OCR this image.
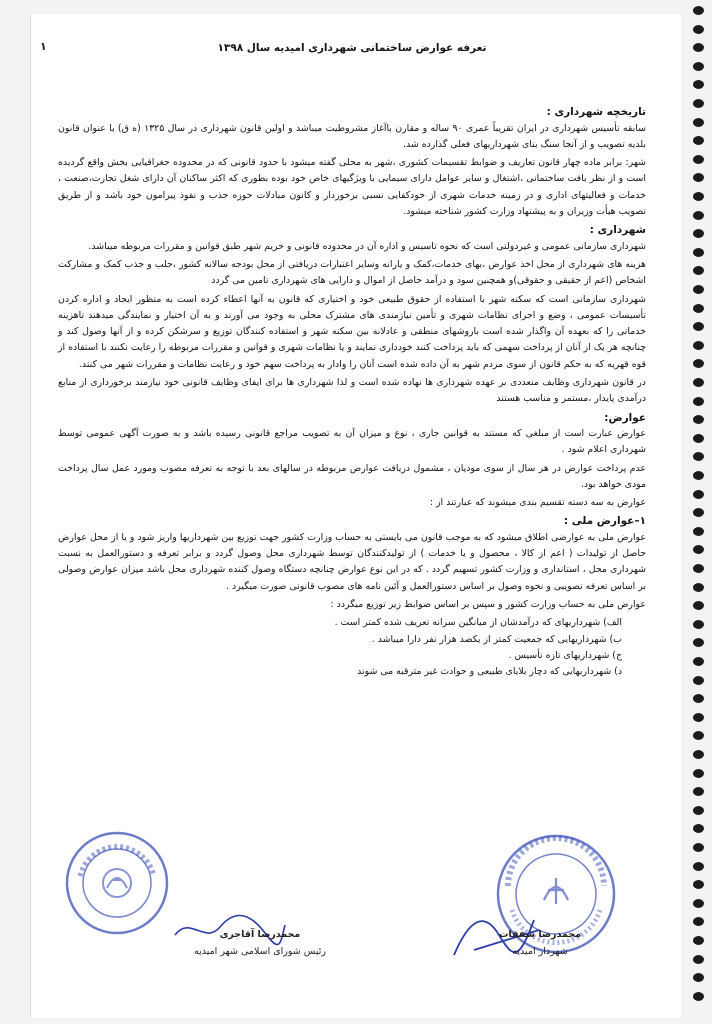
۱	تعرفه عوارض ساختمانی شهرداری امیدیه سال ۱۳۹۸

تاریخچه شهرداری :

سابقه تأسیس شهرداری در ایران تقریباً عمری ۹۰ ساله و مقارن باآغاز مشروطیت میباشد و اولین قانون شهرداری در سال ۱۳۲۵ (ه ق) با عنوان قانون بلدیه تصویب و از آنجا سنگ بنای شهرداریهای فعلی گذارده شد.

شهر: برابر ماده چهار قانون تعاریف و ضوابط تقسیمات کشوری ،شهر به محلی گفته میشود با حدود قانونی که در محدوده جغرافیایی بخش واقع گردیده است و از نظر بافت ساختمانی ،اشتغال و سایر عوامل دارای سیمایی با ویژگیهای خاص خود بوده بطوری که اکثر ساکنان آن دارای شغل تجارت،صنعت ، خدمات و فعالیتهای اداری و در زمینه خدمات شهری از خودکفایی نسبی برخوردار و کانون مبادلات حوزه جذب و نفوذ پیرامون خود باشد و از طریق تصویب هیأت وزیران و به پیشنهاد وزارت کشور شناخته میشود.

شهرداری :

شهرداری سازمانی عمومی و غیردولتی است که نحوه تاسیس و اداره آن در محدوده قانونی و حریم شهر طبق قوانین و مقررات مربوطه میباشد.

هزینه های شهرداری از محل اخذ عوارض ،بهای خدمات،کمک و یارانه وسایر اعتبارات دریافتی از محل بودجه سالانه کشور ،جلب و جذب کمک و مشارکت اشخاص (اعم از حقیقی و حقوقی)و همچنین سود و درآمد حاصل از اموال و دارایی های شهرداری تامین می گردد

شهرداری سازمانی است که سکنه شهر با استفاده از حقوق طبیعی خود و اختیاری که قانون به آنها اعطاء کرده است به منظور ایجاد و اداره کردن تأسیسات عمومی ، وضع و اجرای نظامات شهری و تأمین نیازمندی های مشترک محلی به وجود می آورند و به آن اختیار و نمایندگی میدهند تاهزینه خدماتی را که بعهده آن واگذار شده است باروشهای منطقی و عادلانه بین سکنه شهر و استفاده کنندگان توزیع و سرشکن کرده و از آنها وصول کند و چنانچه هر یک از آنان از پرداخت سهمی که باید پرداخت کنند خودداری نمایند و یا نظامات شهری و قوانین و مقررات مربوطه را رعایت نکنند با استفاده از قوه قهریه که به حکم قانون از سوی مردم شهر به آن داده شده است آنان را وادار به پرداخت سهم خود و رعایت نظامات و مقررات شهر می کنند.

در قانون شهرداری وظایف متعددی بر عهده شهرداری ها نهاده شده است و لذا شهرداری ها برای ایفای وظایف قانونی خود نیازمند برخورداری از منابع درآمدی پایدار ،مستمر و مناسب هستند

عوارض:

عوارض عبارت است از مبلغی که مستند به قوانین جاری ، نوع و میزان آن به تصویب مراجع قانونی رسیده باشد و به صورت آگهی عمومی توسط شهرداری اعلام شود .

عدم پرداخت عوارض در هر سال از سوی مودیان ، مشمول دریافت عوارض مربوطه در سالهای بعد با توجه به تعرفه مصوب ومورد عمل سال پرداخت مودی خواهد بود.

عوارض به سه دسته تقسیم بندی میشوند که عبارتند از :

۱–عوارض ملی :

عوارض ملی به عوارضی اطلاق میشود که به موجب قانون می بایستی به حساب وزارت کشور جهت توزیع بین شهرداریها واریز شود و یا از محل عوارض حاصل از تولیدات ( اعم از کالا ، محصول و یا خدمات ) از تولیدکنندگان توسط شهرداری محل وصول گردد و برابر تعرفه و دستورالعمل به نسبت شهرداری محل ، استانداری و وزارت کشور تسهیم گردد . که در این نوع عوارض چنانچه دستگاه وصول کننده شهرداری محل باشد میزان عوارض وصولی بر اساس تعرفه تصویبی و نحوه وصول بر اساس دستورالعمل و آئین نامه های مصوب قانونی صورت میگیرد .

عوارض ملی به حساب وزارت کشور و سپس بر اساس ضوابط زیر توزیع میگردد :

الف) شهرداریهای که درآمدشان از میانگین سرانه تعریف شده کمتر است .

ب) شهرداریهایی که جمعیت کمتر از یکصد هزار نفر دارا میباشد .

ج) شهرداریهای تازه تأسیس .

د) شهرداریهایی که دچار بلایای طبیعی و حوادث غیر مترقبه می شوند

محمدرضا آقاجری
رئیس شورای اسلامی شهر امیدیه
محمدرضا شفقات
شهردار امیدیه
